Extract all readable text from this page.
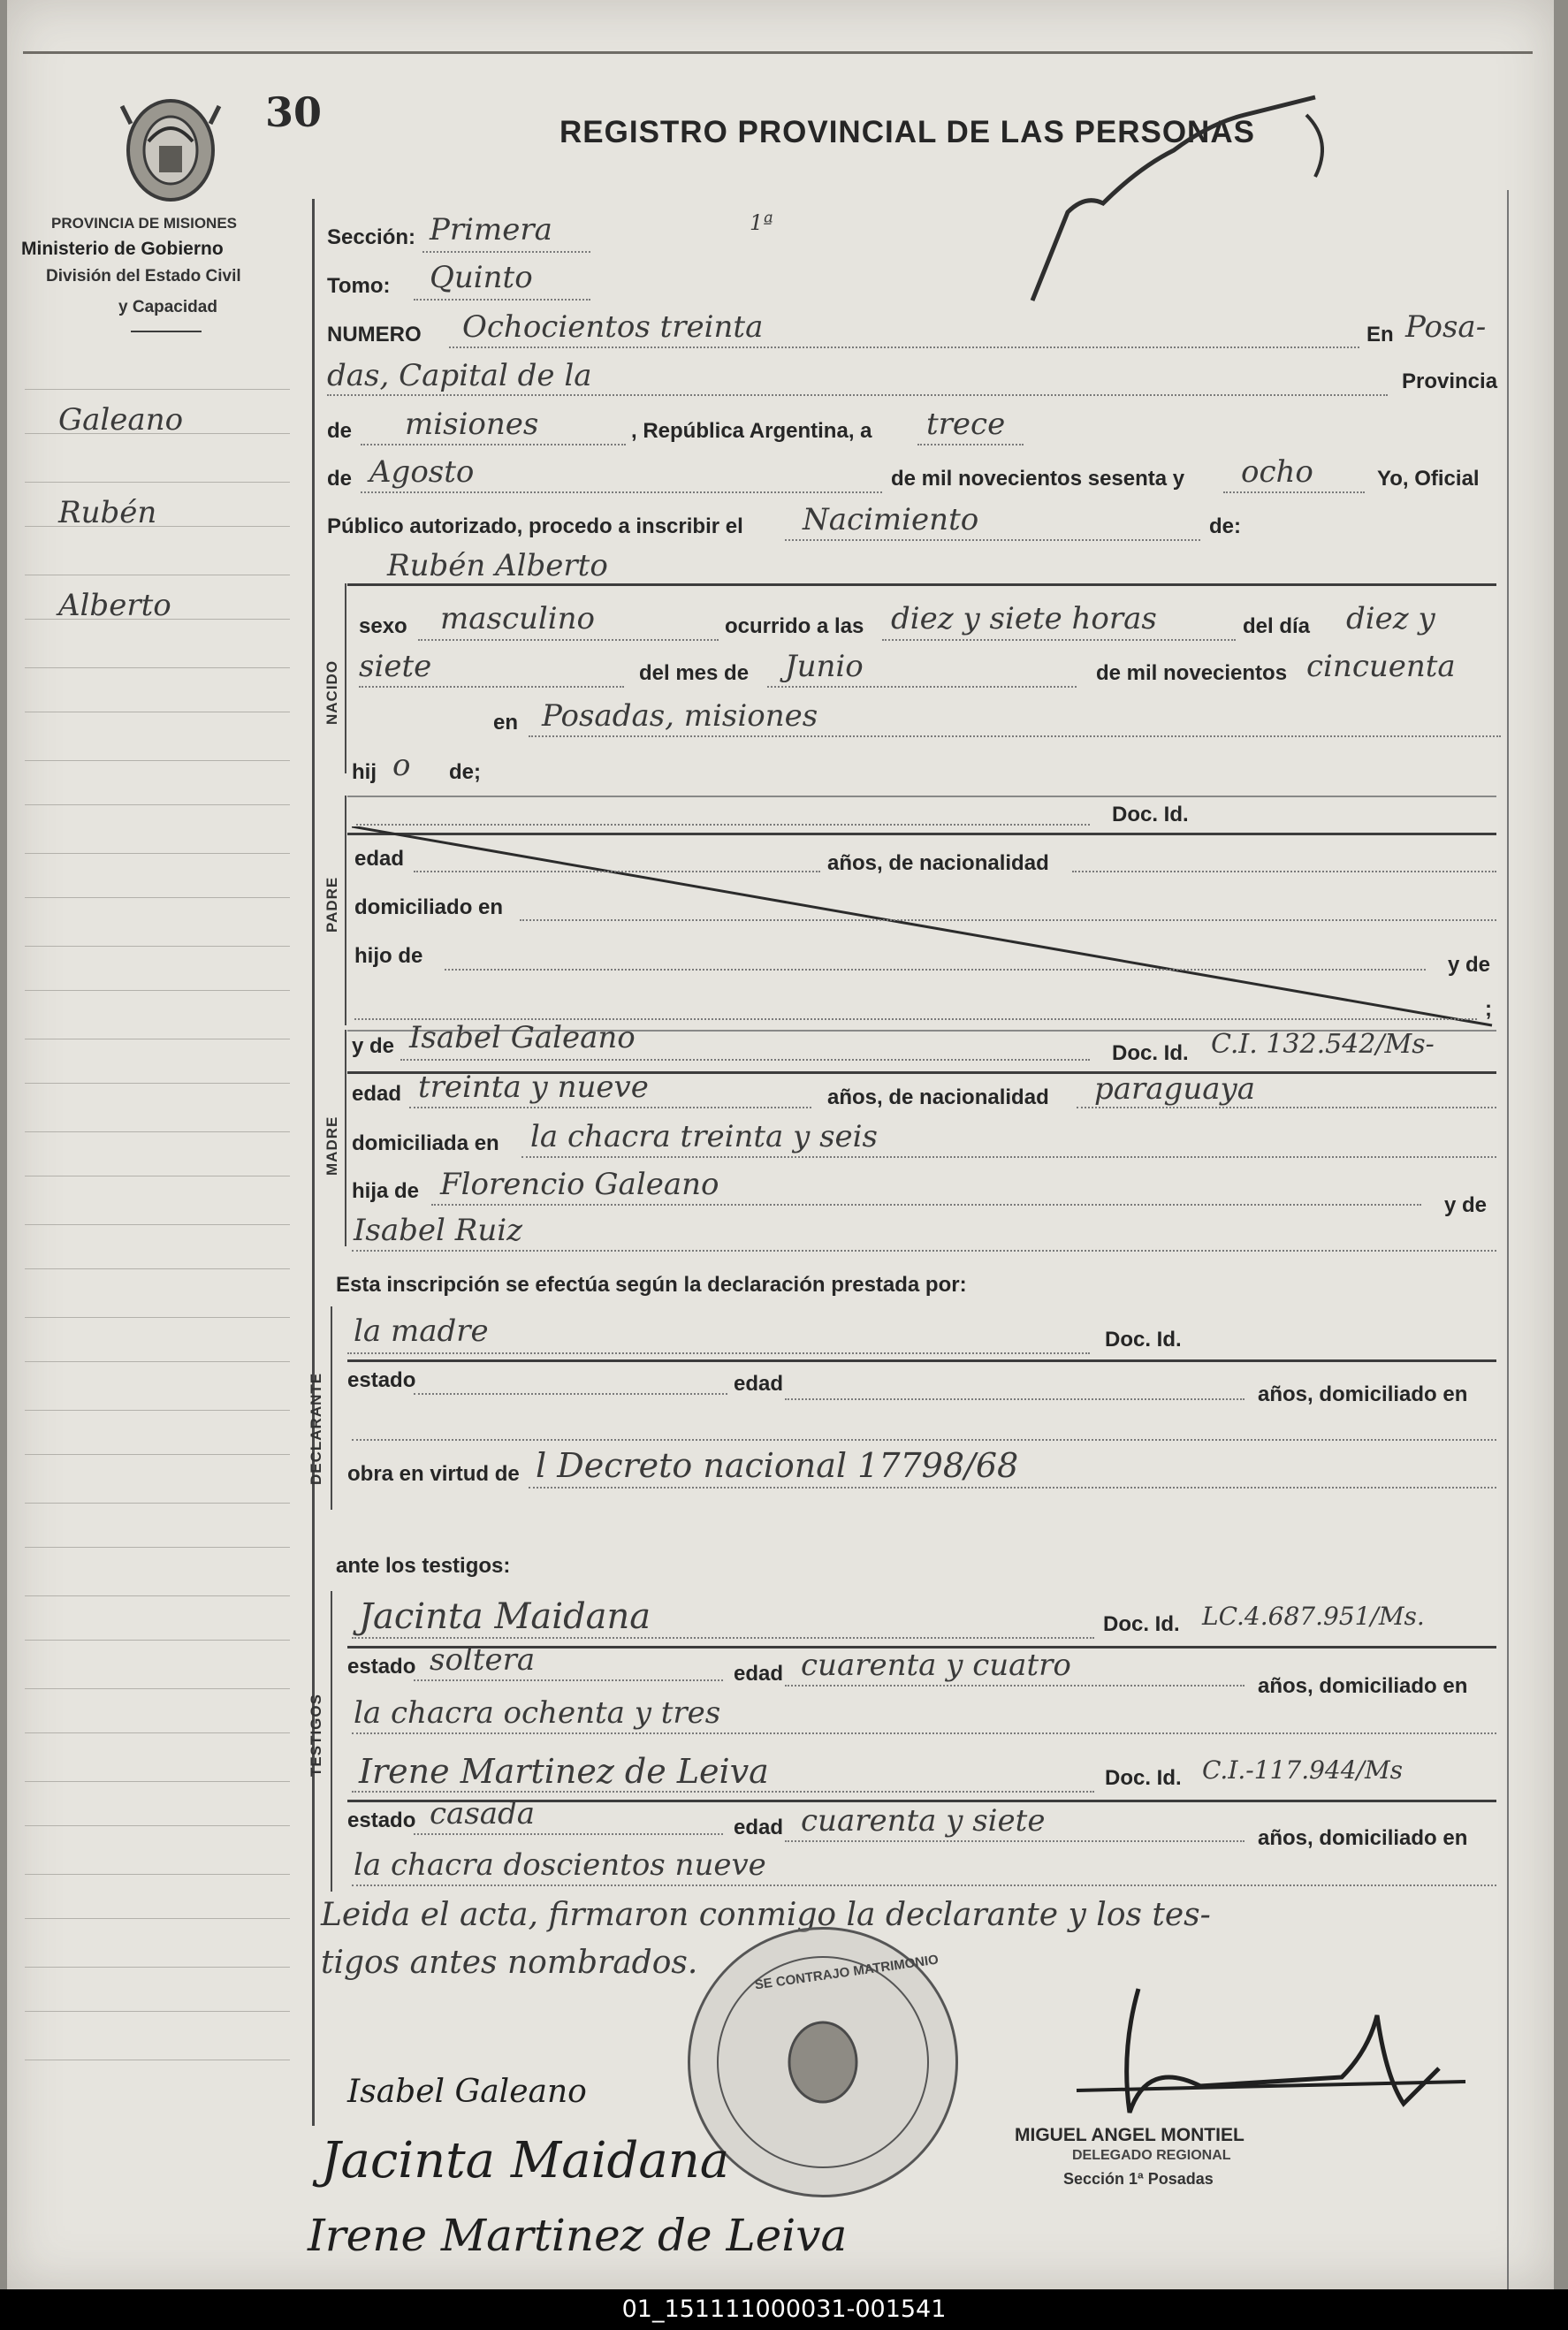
30	REGISTRO PROVINCIAL DE LAS PERSONAS
PROVINCIA DE MISIONES
Ministerio de Gobierno
División del Estado Civil
y Capacidad
1ª
Galeano
Rubén
Alberto
Sección: Primera
Tomo: Quinto
NUMERO Ochocientos treinta	En Posa-
das, Capital de la	Provincia
de misiones	, República Argentina, a trece
de Agosto	de mil novecientos sesenta y ocho	Yo, Oficial
Público autorizado, procedo a inscribir el Nacimiento	de:
NACIDO
Rubén Alberto
sexo masculino	ocurrido a las diez y siete horas	del día diez y
siete	del mes de Junio	de mil novecientos cincuenta
en Posadas, misiones
hij o de;
PADRE
Doc. Id.
edad	años, de nacionalidad
domiciliado en
hijo de	y de
;
MADRE
y de Isabel Galeano	Doc. Id. C.I. 132.542/Ms-
edad treinta y nueve	años, de nacionalidad paraguaya
domiciliada en la chacra treinta y seis
hija de Florencio Galeano
y de
Isabel Ruiz
Esta inscripción se efectúa según la declaración prestada por:
DECLARANTE
la madre	Doc. Id.
estado	edad	años, domiciliado en
obra en virtud de l Decreto nacional 17798/68
ante los testigos:
TESTIGOS
Jacinta Maidana	Doc. Id. LC.4.687.951/Ms.
estado soltera	edad cuarenta y cuatro
años, domiciliado en
la chacra ochenta y tres
Irene Martinez de Leiva	Doc. Id. C.I.-117.944/Ms
estado casada	edad cuarenta y siete	años, domiciliado en
la chacra doscientos nueve
Leida el acta, firmaron conmigo la declarante y los tes-
tigos antes nombrados.	SE CONTRAJO MATRIMONIO
MIGUEL ANGEL MONTIEL
DELEGADO REGIONAL
Sección 1ª Posadas
Isabel Galeano
Jacinta Maidana
Irene Martinez de Leiva
01_151111000031-001541
